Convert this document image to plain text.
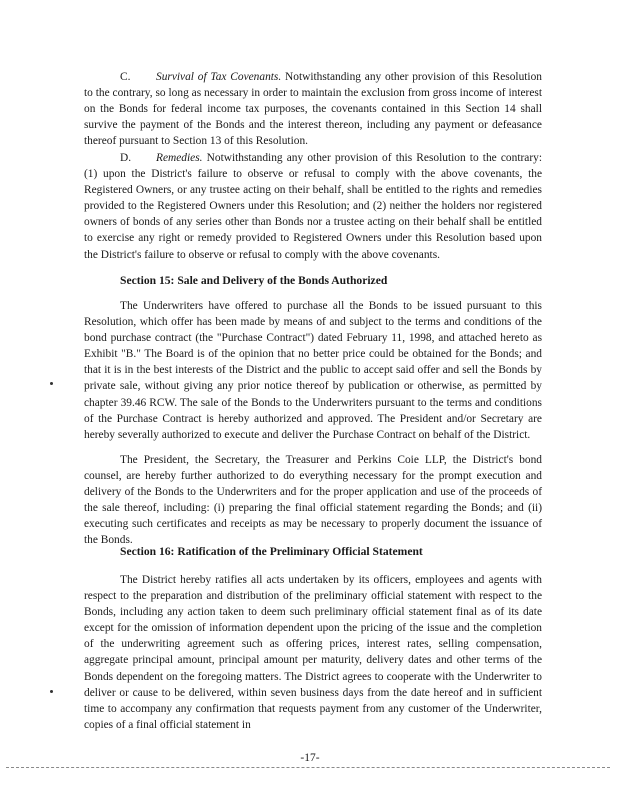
C. Survival of Tax Covenants. Notwithstanding any other provision of this Resolution to the contrary, so long as necessary in order to maintain the exclusion from gross income of interest on the Bonds for federal income tax purposes, the covenants contained in this Section 14 shall survive the payment of the Bonds and the interest thereon, including any payment or defeasance thereof pursuant to Section 13 of this Resolution.

D. Remedies. Notwithstanding any other provision of this Resolution to the contrary: (1) upon the District's failure to observe or refusal to comply with the above covenants, the Registered Owners, or any trustee acting on their behalf, shall be entitled to the rights and remedies provided to the Registered Owners under this Resolution; and (2) neither the holders nor registered owners of bonds of any series other than Bonds nor a trustee acting on their behalf shall be entitled to exercise any right or remedy provided to Registered Owners under this Resolution based upon the District's failure to observe or refusal to comply with the above covenants.

Section 15: Sale and Delivery of the Bonds Authorized

The Underwriters have offered to purchase all the Bonds to be issued pursuant to this Resolution, which offer has been made by means of and subject to the terms and conditions of the bond purchase contract (the "Purchase Contract") dated February 11, 1998, and attached hereto as Exhibit "B." The Board is of the opinion that no better price could be obtained for the Bonds; and that it is in the best interests of the District and the public to accept said offer and sell the Bonds by private sale, without giving any prior notice thereof by publication or otherwise, as permitted by chapter 39.46 RCW. The sale of the Bonds to the Underwriters pursuant to the terms and conditions of the Purchase Contract is hereby authorized and approved. The President and/or Secretary are hereby severally authorized to execute and deliver the Purchase Contract on behalf of the District.

The President, the Secretary, the Treasurer and Perkins Coie LLP, the District's bond counsel, are hereby further authorized to do everything necessary for the prompt execution and delivery of the Bonds to the Underwriters and for the proper application and use of the proceeds of the sale thereof, including: (i) preparing the final official statement regarding the Bonds; and (ii) executing such certificates and receipts as may be necessary to properly document the issuance of the Bonds.

Section 16: Ratification of the Preliminary Official Statement

The District hereby ratifies all acts undertaken by its officers, employees and agents with respect to the preparation and distribution of the preliminary official statement with respect to the Bonds, including any action taken to deem such preliminary official statement final as of its date except for the omission of information dependent upon the pricing of the issue and the completion of the underwriting agreement such as offering prices, interest rates, selling compensation, aggregate principal amount, principal amount per maturity, delivery dates and other terms of the Bonds dependent on the foregoing matters. The District agrees to cooperate with the Underwriter to deliver or cause to be delivered, within seven business days from the date hereof and in sufficient time to accompany any confirmation that requests payment from any customer of the Underwriter, copies of a final official statement in

-17-
